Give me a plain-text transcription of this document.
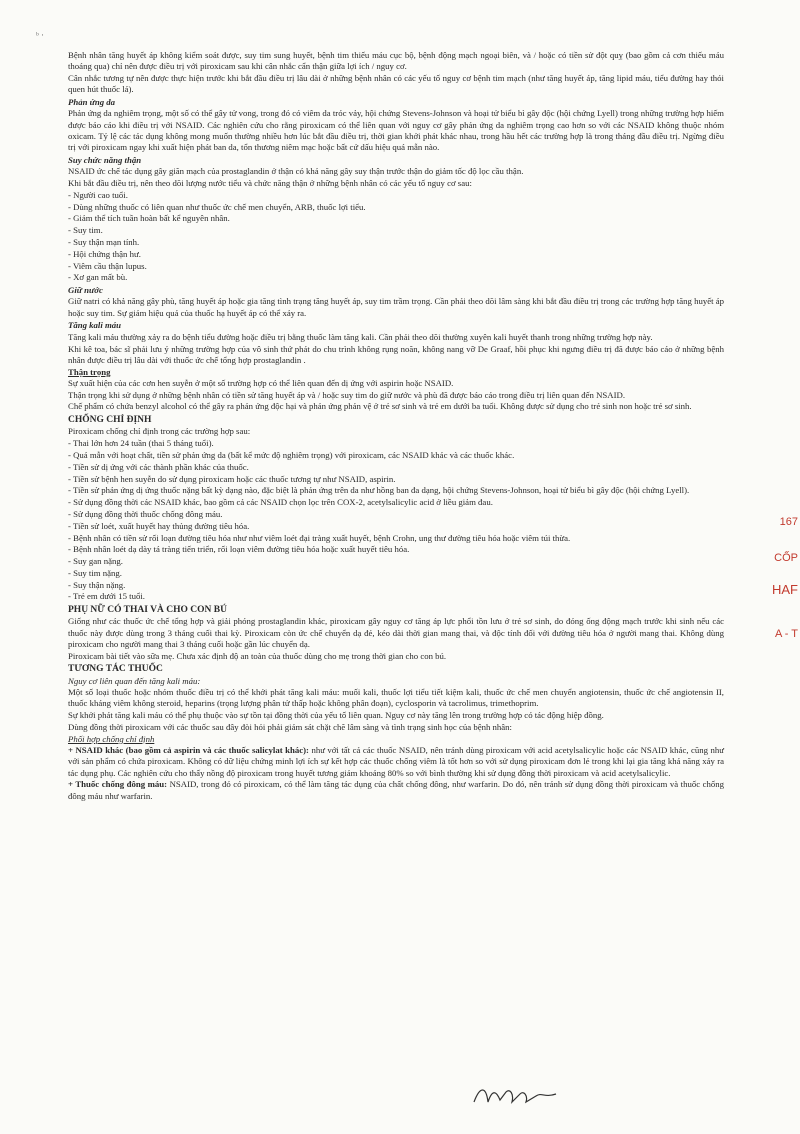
ᵇ ·

Bệnh nhân tăng huyết áp không kiểm soát được, suy tim sung huyết, bệnh tim thiếu máu cục bộ, bệnh động mạch ngoại biên, và / hoặc có tiền sử đột quỵ (bao gồm cả cơn thiếu máu thoáng qua) chỉ nên được điều trị với piroxicam sau khi cân nhắc cẩn thận giữa lợi ích / nguy cơ.

Cân nhắc tương tự nên được thực hiện trước khi bắt đầu điều trị lâu dài ở những bệnh nhân có các yếu tố nguy cơ bệnh tim mạch (như tăng huyết áp, tăng lipid máu, tiểu đường hay thói quen hút thuốc lá).

Phản ứng da

Phản ứng da nghiêm trọng, một số có thể gây tử vong, trong đó có viêm da tróc vảy, hội chứng Stevens-Johnson và hoại tử biểu bì gây độc (hội chứng Lyell) trong những trường hợp hiếm được báo cáo khi điều trị với NSAID. Các nghiên cứu cho rằng piroxicam có thể liên quan với nguy cơ gây phản ứng da nghiêm trọng cao hơn so với các NSAID không thuộc nhóm oxicam. Tỷ lệ các tác dụng không mong muốn thường nhiều hơn lúc bắt đầu điều trị, thời gian khởi phát khác nhau, trong hầu hết các trường hợp là trong tháng đầu điều trị. Ngừng điều trị với piroxicam ngay khi xuất hiện phát ban da, tổn thương niêm mạc hoặc bất cứ dấu hiệu quá mẫn nào.

Suy chức năng thận

NSAID ức chế tác dụng gây giãn mạch của prostaglandin ở thận có khả năng gây suy thận trước thận do giảm tốc độ lọc cầu thận.

Khi bắt đầu điều trị, nên theo dõi lượng nước tiểu và chức năng thận ở những bệnh nhân có các yếu tố nguy cơ sau:

- Người cao tuổi.

- Dùng những thuốc có liên quan như thuốc ức chế men chuyển, ARB, thuốc lợi tiểu.

- Giảm thể tích tuần hoàn bất kể nguyên nhân.

- Suy tim.

- Suy thận mạn tính.

- Hội chứng thận hư.

- Viêm cầu thận lupus.

- Xơ gan mất bù.

Giữ nước

Giữ natri có khả năng gây phù, tăng huyết áp hoặc gia tăng tình trạng tăng huyết áp, suy tim trầm trọng. Cần phải theo dõi lâm sàng khi bắt đầu điều trị trong các trường hợp tăng huyết áp hoặc suy tim. Sự giảm hiệu quả của thuốc hạ huyết áp có thể xảy ra.

Tăng kali máu

Tăng kali máu thường xảy ra do bệnh tiểu đường hoặc điều trị bằng thuốc làm tăng kali. Cần phải theo dõi thường xuyên kali huyết thanh trong những trường hợp này.

Khi kê toa, bác sĩ phải lưu ý những trường hợp của vô sinh thứ phát do chu trình không rụng noãn, không nang vỡ De Graaf, hồi phục khi ngưng điều trị đã được báo cáo ở những bệnh nhân được điều trị lâu dài với thuốc ức chế tổng hợp prostaglandin .

Thận trọng

Sự xuất hiện của các cơn hen suyễn ở một số trường hợp có thể liên quan đến dị ứng với aspirin hoặc NSAID.

Thận trọng khi sử dụng ở những bệnh nhân có tiền sử tăng huyết áp và / hoặc suy tim do giữ nước và phù đã được báo cáo trong điều trị liên quan đến NSAID.

Chế phẩm có chứa benzyl alcohol có thể gây ra phản ứng độc hại và phản ứng phản vệ ở trẻ sơ sinh và trẻ em dưới ba tuổi. Không được sử dụng cho trẻ sinh non hoặc trẻ sơ sinh.

CHỐNG CHỈ ĐỊNH

Piroxicam chống chỉ định trong các trường hợp sau:

- Thai lớn hơn 24 tuần (thai 5 tháng tuổi).

- Quá mẫn với hoạt chất, tiền sử phản ứng da (bất kể mức độ nghiêm trọng) với piroxicam, các NSAID khác và các thuốc khác.

- Tiền sử dị ứng với các thành phần khác của thuốc.

- Tiền sử bệnh hen suyễn do sử dụng piroxicam hoặc các thuốc tương tự như NSAID, aspirin.

- Tiền sử phản ứng dị ứng thuốc nặng bất kỳ dạng nào, đặc biệt là phản ứng trên da như hồng ban đa dạng, hội chứng Stevens-Johnson, hoại tử biểu bì gây độc (hội chứng Lyell).

- Sử dụng đồng thời các NSAID khác, bao gồm cả các NSAID chọn lọc trên COX-2, acetylsalicylic acid ở liều giảm đau.

- Sử dụng đồng thời thuốc chống đông máu.

- Tiền sử loét, xuất huyết hay thủng đường tiêu hóa.

- Bệnh nhân có tiền sử rối loạn đường tiêu hóa như như viêm loét đại tràng xuất huyết, bệnh Crohn, ung thư đường tiêu hóa hoặc viêm túi thừa.

- Bệnh nhân loét dạ dày tá tràng tiến triển, rối loạn viêm đường tiêu hóa hoặc xuất huyết tiêu hóa.

- Suy gan nặng.

- Suy tim nặng.

- Suy thận nặng.

- Trẻ em dưới 15 tuổi.

PHỤ NỮ CÓ THAI VÀ CHO CON BÚ

Giống như các thuốc ức chế tổng hợp và giải phóng prostaglandin khác, piroxicam gây nguy cơ tăng áp lực phổi tồn lưu ở trẻ sơ sinh, do đóng ống động mạch trước khi sinh nếu các thuốc này được dùng trong 3 tháng cuối thai kỳ. Piroxicam còn ức chế chuyển dạ đẻ, kéo dài thời gian mang thai, và độc tính đối với đường tiêu hóa ở người mang thai. Không dùng piroxicam cho người mang thai 3 tháng cuối hoặc gần lúc chuyển dạ.

Piroxicam bài tiết vào sữa mẹ. Chưa xác định độ an toàn của thuốc dùng cho mẹ trong thời gian cho con bú.

TƯƠNG TÁC THUỐC
Nguy cơ liên quan đến tăng kali máu:

Một số loại thuốc hoặc nhóm thuốc điều trị có thể khởi phát tăng kali máu: muối kali, thuốc lợi tiểu tiết kiệm kali, thuốc ức chế men chuyển angiotensin, thuốc ức chế angiotensin II, thuốc kháng viêm không steroid, heparins (trọng lượng phân tử thấp hoặc không phân đoạn), cyclosporin và tacrolimus, trimethoprim.

Sự khởi phát tăng kali máu có thể phụ thuộc vào sự tồn tại đồng thời của yếu tố liên quan. Nguy cơ này tăng lên trong trường hợp có tác động hiệp đồng.

Dùng đồng thời piroxicam với các thuốc sau đây đòi hỏi phải giám sát chặt chẽ lâm sàng và tình trạng sinh học của bệnh nhân:

Phối hợp chống chỉ định

+ NSAID khác (bao gồm cả aspirin và các thuốc salicylat khác): như với tất cả các thuốc NSAID, nên tránh dùng piroxicam với acid acetylsalicylic hoặc các NSAID khác, cũng như với sản phẩm có chứa piroxicam. Không có dữ liệu chứng minh lợi ích sự kết hợp các thuốc chống viêm là tốt hơn so với sử dụng piroxicam đơn lẻ trong khi lại gia tăng khả năng xảy ra tác dụng phụ. Các nghiên cứu cho thấy nồng độ piroxicam trong huyết tương giảm khoảng 80% so với bình thường khi sử dụng đồng thời piroxicam và acid acetylsalicylic.

+ Thuốc chống đông máu: NSAID, trong đó có piroxicam, có thể làm tăng tác dụng của chất chống đông, như warfarin. Do đó, nên tránh sử dụng đồng thời piroxicam và thuốc chống đông máu như warfarin.

167
CỐP
HAF
A - T
